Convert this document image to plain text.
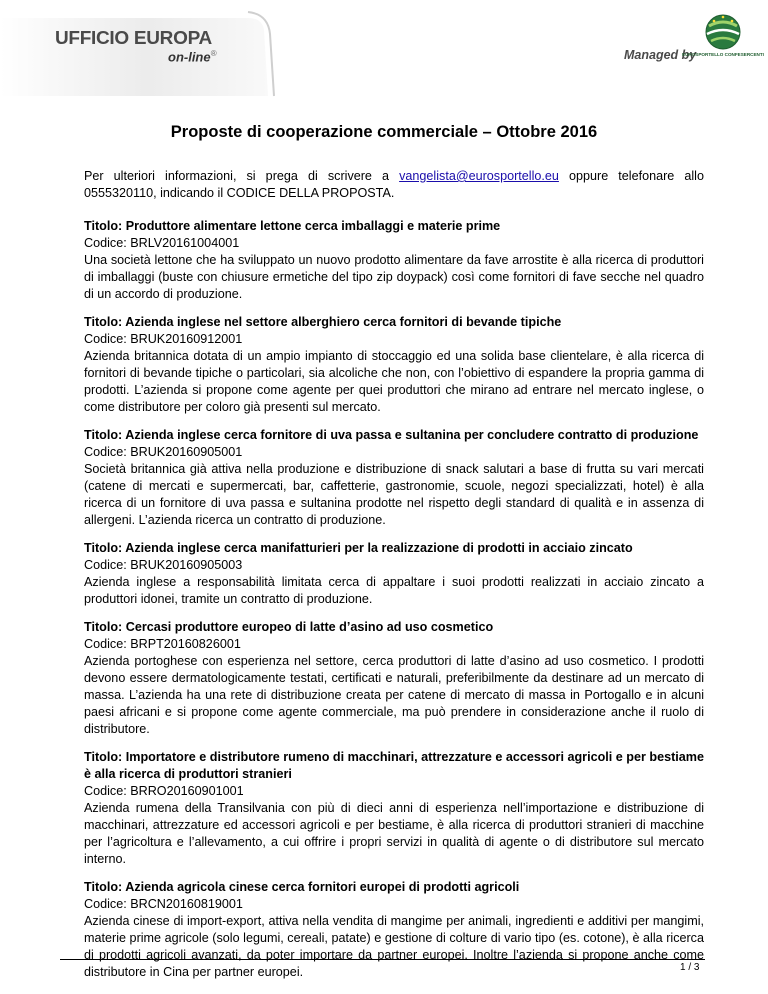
UFFICIO EUROPA
on-line®	Managed by
EUROSPORTELLO CONFESERCENTI
Proposte di cooperazione commerciale – Ottobre 2016

Per ulteriori informazioni, si prega di scrivere a vangelista@eurosportello.eu oppure telefonare allo 0555320110, indicando il CODICE DELLA PROPOSTA.

Titolo: Produttore alimentare lettone cerca imballaggi e materie prime

Codice: BRLV20161004001

Una società lettone che ha sviluppato un nuovo prodotto alimentare da fave arrostite è alla ricerca di produttori di imballaggi (buste con chiusure ermetiche del tipo zip doypack) così come fornitori di fave secche nel quadro di un accordo di produzione.

Titolo: Azienda inglese nel settore alberghiero cerca fornitori di bevande tipiche

Codice: BRUK20160912001

Azienda britannica dotata di un ampio impianto di stoccaggio ed una solida base clientelare, è alla ricerca di fornitori di bevande tipiche o particolari, sia alcoliche che non, con l’obiettivo di espandere la propria gamma di prodotti. L’azienda si propone come agente per quei produttori che mirano ad entrare nel mercato inglese, o come distributore per coloro già presenti sul mercato.

Titolo: Azienda inglese cerca fornitore di uva passa e sultanina per concludere contratto di produzione

Codice: BRUK20160905001

Società britannica già attiva nella produzione e distribuzione di snack salutari a base di frutta su vari mercati (catene di mercati e supermercati, bar, caffetterie, gastronomie, scuole, negozi specializzati, hotel) è alla ricerca di un fornitore di uva passa e sultanina prodotte nel rispetto degli standard di qualità e in assenza di allergeni. L’azienda ricerca un contratto di produzione.

Titolo: Azienda inglese cerca manifatturieri per la realizzazione di prodotti in acciaio zincato

Codice: BRUK20160905003

Azienda inglese a responsabilità limitata cerca di appaltare i suoi prodotti realizzati in acciaio zincato a produttori idonei, tramite un contratto di produzione.

Titolo: Cercasi produttore europeo di latte d’asino ad uso cosmetico

Codice: BRPT20160826001

Azienda portoghese con esperienza nel settore, cerca produttori di latte d’asino ad uso cosmetico. I prodotti devono essere dermatologicamente testati, certificati e naturali, preferibilmente da destinare ad un mercato di massa. L’azienda ha una rete di distribuzione creata per catene di mercato di massa in Portogallo e in alcuni paesi africani e si propone come agente commerciale, ma può prendere in considerazione anche il ruolo di distributore.

Titolo: Importatore e distributore rumeno di macchinari, attrezzature e accessori agricoli e per bestiame è alla ricerca di produttori stranieri

Codice: BRRO20160901001

Azienda rumena della Transilvania con più di dieci anni di esperienza nell’importazione e distribuzione di macchinari, attrezzature ed accessori agricoli e per bestiame, è alla ricerca di produttori stranieri di macchine per l’agricoltura e l’allevamento, a cui offrire i propri servizi in qualità di agente o di distributore sul mercato interno.

Titolo: Azienda agricola cinese cerca fornitori europei di prodotti agricoli

Codice: BRCN20160819001

Azienda cinese di import-export, attiva nella vendita di mangime per animali, ingredienti e additivi per mangimi, materie prime agricole (solo legumi, cereali, patate) e gestione di colture di vario tipo (es. cotone), è alla ricerca di prodotti agricoli avanzati, da poter importare da partner europei. Inoltre l’azienda si propone anche come distributore in Cina per partner europei.	1 / 3
